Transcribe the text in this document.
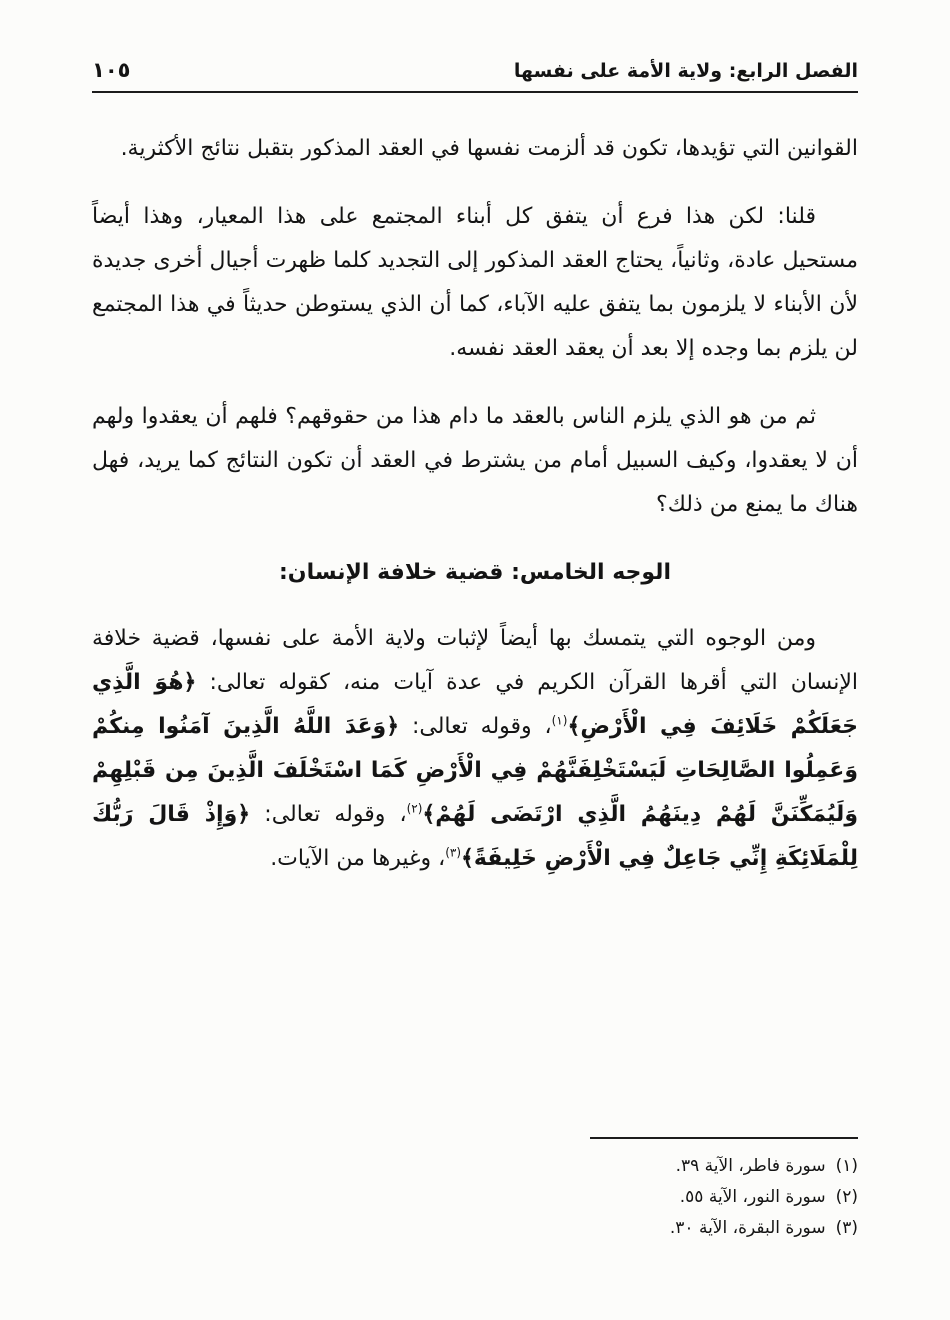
الفصل الرابع: ولاية الأمة على نفسها
١٠٥

القوانين التي تؤيدها، تكون قد ألزمت نفسها في العقد المذكور بتقبل نتائج الأكثرية.

قلنا: لكن هذا فرع أن يتفق كل أبناء المجتمع على هذا المعيار، وهذا أيضاً مستحيل عادة، وثانياً، يحتاج العقد المذكور إلى التجديد كلما ظهرت أجيال أخرى جديدة لأن الأبناء لا يلزمون بما يتفق عليه الآباء، كما أن الذي يستوطن حديثاً في هذا المجتمع لن يلزم بما وجده إلا بعد أن يعقد العقد نفسه.

ثم من هو الذي يلزم الناس بالعقد ما دام هذا من حقوقهم؟ فلهم أن يعقدوا ولهم أن لا يعقدوا، وكيف السبيل أمام من يشترط في العقد أن تكون النتائج كما يريد، فهل هناك ما يمنع من ذلك؟

الوجه الخامس: قضية خلافة الإنسان:

ومن الوجوه التي يتمسك بها أيضاً لإثبات ولاية الأمة على نفسها، قضية خلافة الإنسان التي أقرها القرآن الكريم في عدة آيات منه، كقوله تعالى: ﴿هُوَ الَّذِي جَعَلَكُمْ خَلَائِفَ فِي الْأَرْضِ﴾$^{(١)}$، وقوله تعالى: ﴿وَعَدَ اللَّهُ الَّذِينَ آمَنُوا مِنكُمْ وَعَمِلُوا الصَّالِحَاتِ لَيَسْتَخْلِفَنَّهُمْ فِي الْأَرْضِ كَمَا اسْتَخْلَفَ الَّذِينَ مِن قَبْلِهِمْ وَلَيُمَكِّنَنَّ لَهُمْ دِينَهُمُ الَّذِي ارْتَضَى لَهُمْ﴾$^{(٢)}$، وقوله تعالى: ﴿وَإِذْ قَالَ رَبُّكَ لِلْمَلَائِكَةِ إِنِّي جَاعِلٌ فِي الْأَرْضِ خَلِيفَةً﴾$^{(٣)}$، وغيرها من الآيات.

(١)سورة فاطر، الآية ٣٩.
(٢)سورة النور، الآية ٥٥.
(٣)سورة البقرة، الآية ٣٠.
